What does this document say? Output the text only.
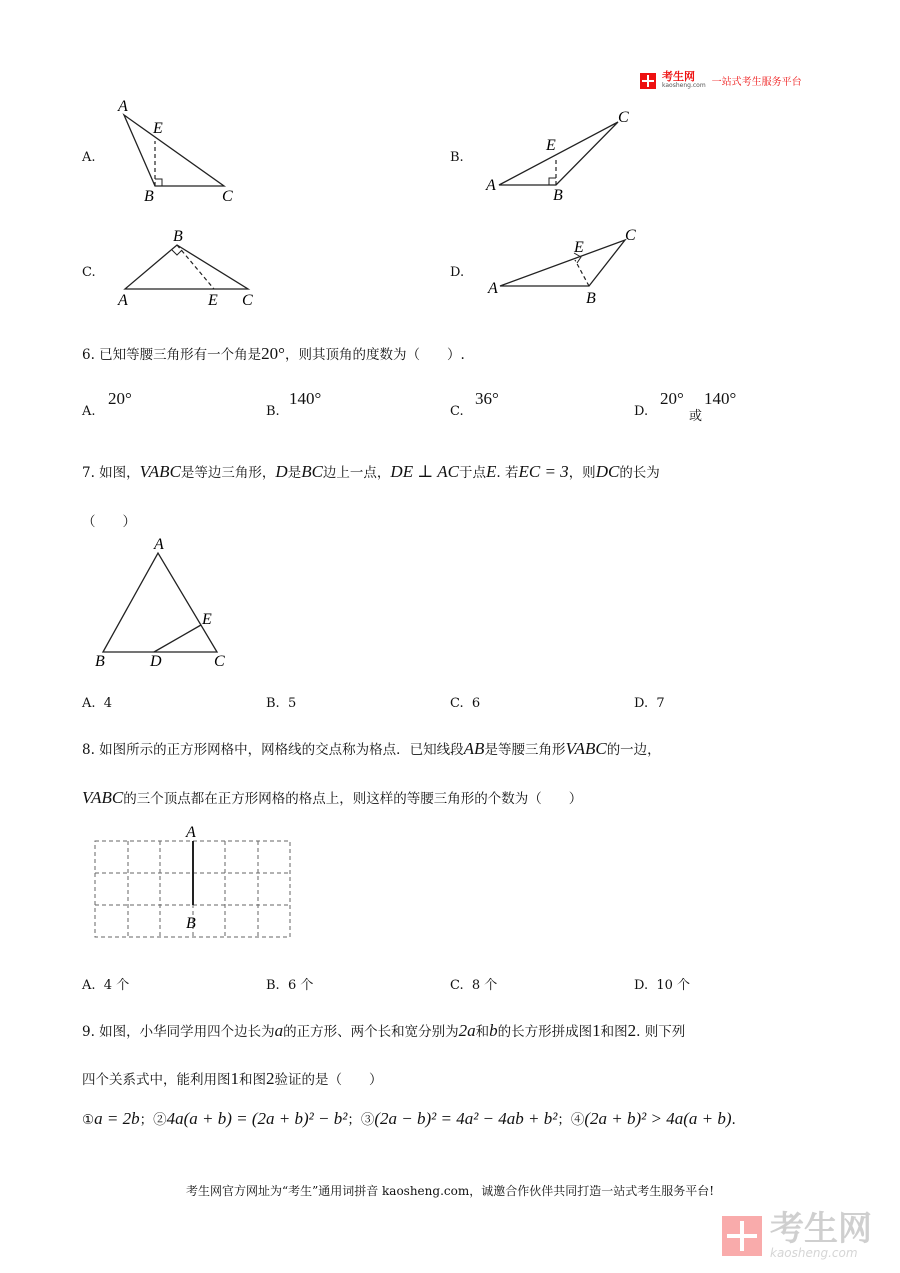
考生网
kaosheng.com 一站式考生服务平台
A.
A
E
B	C
B.
A
E
B
C
C.
A
B
E C
D.
A
E
B
C
6. 已知等腰三角形有一个角是20°，则其顶角的度数为（　　）.
A.
20°
B.
140°
C.
36°
D.
20°
或
140°
7. 如图，VABC是等边三角形，D是BC边上一点，DE ⊥ AC于点E. 若EC = 3，则DC的长为
（　　）
A
E
B	D	C
A. 4	B. 5	C. 6	D. 7
8. 如图所示的正方形网格中，网格线的交点称为格点．已知线段AB是等腰三角形VABC的一边，
VABC的三个顶点都在正方形网格的格点上，则这样的等腰三角形的个数为（　　）
A
B
A. 4 个	B. 6 个	C. 8 个	D. 10 个
9. 如图，小华同学用四个边长为a的正方形、两个长和宽分别为2a和b的长方形拼成图1和图2. 则下列
四个关系式中，能利用图1和图2验证的是（　　）
①a = 2b；②4a(a + b) = (2a + b)² − b²；③(2a − b)² = 4a² − 4ab + b²；④(2a + b)² > 4a(a + b).
考生网官方网址为“考生”通用词拼音 kaosheng.com，诚邀合作伙伴共同打造一站式考生服务平台!
考生网
kaosheng.com
